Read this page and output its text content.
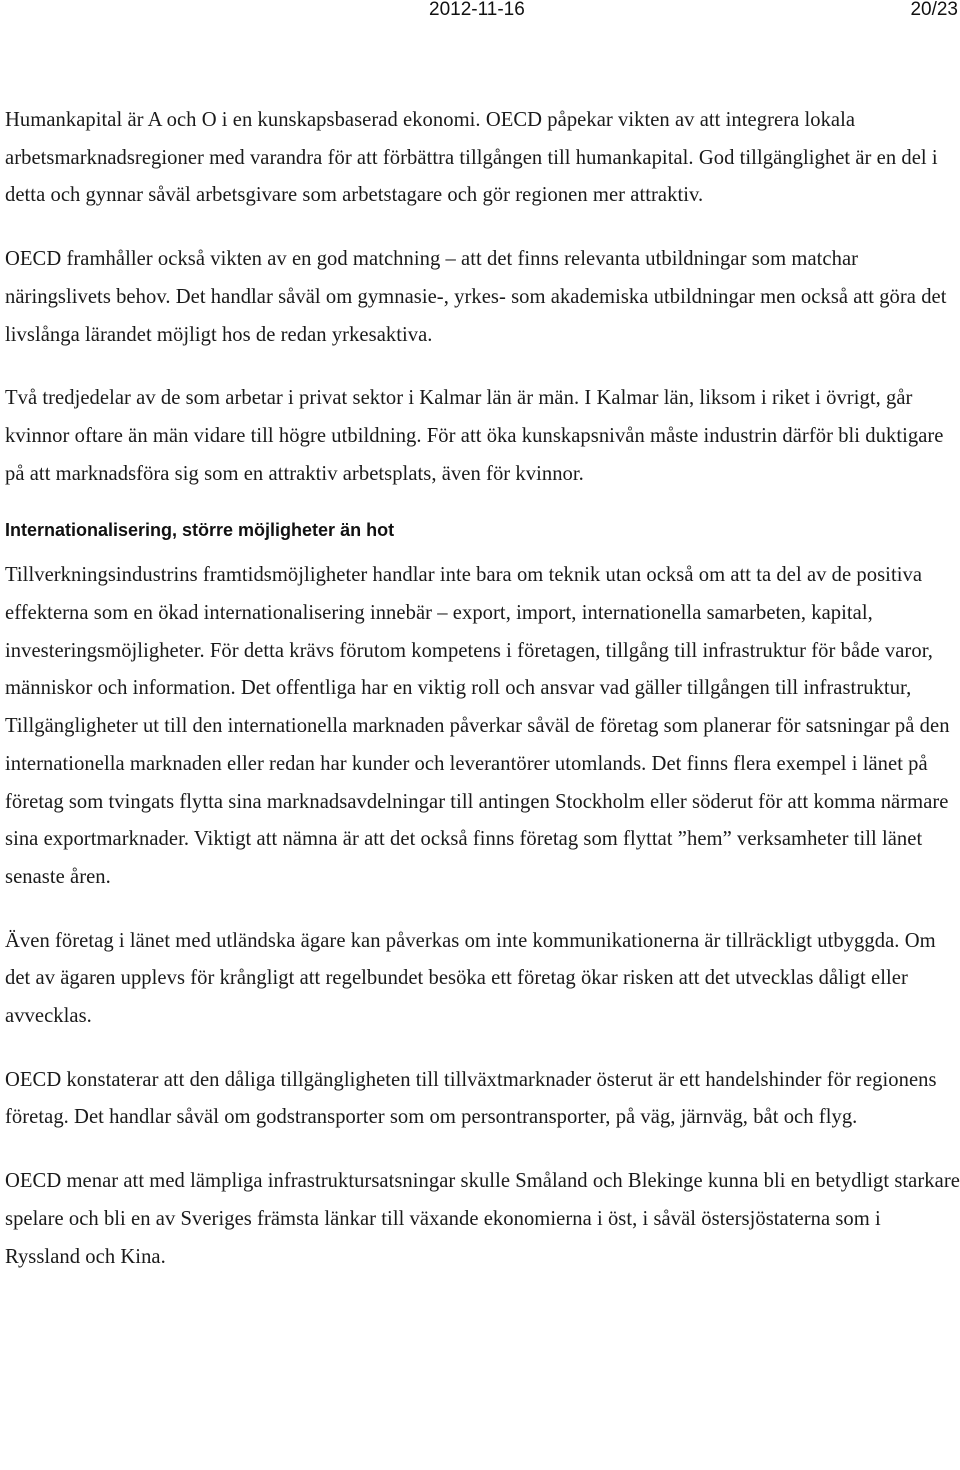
2012-11-16	20/23

Humankapital är A och O i en kunskapsbaserad ekonomi. OECD påpekar vikten av att integrera lokala arbetsmarknadsregioner med varandra för att förbättra tillgången till humankapital. God tillgänglighet är en del i detta och gynnar såväl arbetsgivare som arbetstagare och gör regionen mer attraktiv.

OECD framhåller också vikten av en god matchning – att det finns relevanta utbildningar som matchar näringslivets behov. Det handlar såväl om gymnasie-, yrkes- som akademiska utbildningar men också att göra det livslånga lärandet möjligt hos de redan yrkesaktiva.

Två tredjedelar av de som arbetar i privat sektor i Kalmar län är män. I Kalmar län, liksom i riket i övrigt, går kvinnor oftare än män vidare till högre utbildning. För att öka kunskapsnivån måste industrin därför bli duktigare på att marknadsföra sig som en attraktiv arbetsplats, även för kvinnor.

Internationalisering, större möjligheter än hot

Tillverkningsindustrins framtidsmöjligheter handlar inte bara om teknik utan också om att ta del av de positiva effekterna som en ökad internationalisering innebär – export, import, internationella samarbeten, kapital, investeringsmöjligheter. För detta krävs förutom kompetens i företagen, tillgång till infrastruktur för både varor, människor och information. Det offentliga har en viktig roll och ansvar vad gäller tillgången till infrastruktur, Tillgängligheter ut till den internationella marknaden påverkar såväl de företag som planerar för satsningar på den internationella marknaden eller redan har kunder och leverantörer utomlands. Det finns flera exempel i länet på företag som tvingats flytta sina marknadsavdelningar till antingen Stockholm eller söderut för att komma närmare sina exportmarknader. Viktigt att nämna är att det också finns företag som flyttat ”hem” verksamheter till länet senaste åren.

Även företag i länet med utländska ägare kan påverkas om inte kommunikationerna är tillräckligt utbyggda. Om det av ägaren upplevs för krångligt att regelbundet besöka ett företag ökar risken att det utvecklas dåligt eller avvecklas.

OECD konstaterar att den dåliga tillgängligheten till tillväxtmarknader österut är ett handelshinder för regionens företag. Det handlar såväl om godstransporter som om persontransporter, på väg, järnväg, båt och flyg.

OECD menar att med lämpliga infrastruktursatsningar skulle Småland och Blekinge kunna bli en betydligt starkare spelare och bli en av Sveriges främsta länkar till växande ekonomierna i öst, i såväl östersjöstaterna som i Ryssland och Kina.
